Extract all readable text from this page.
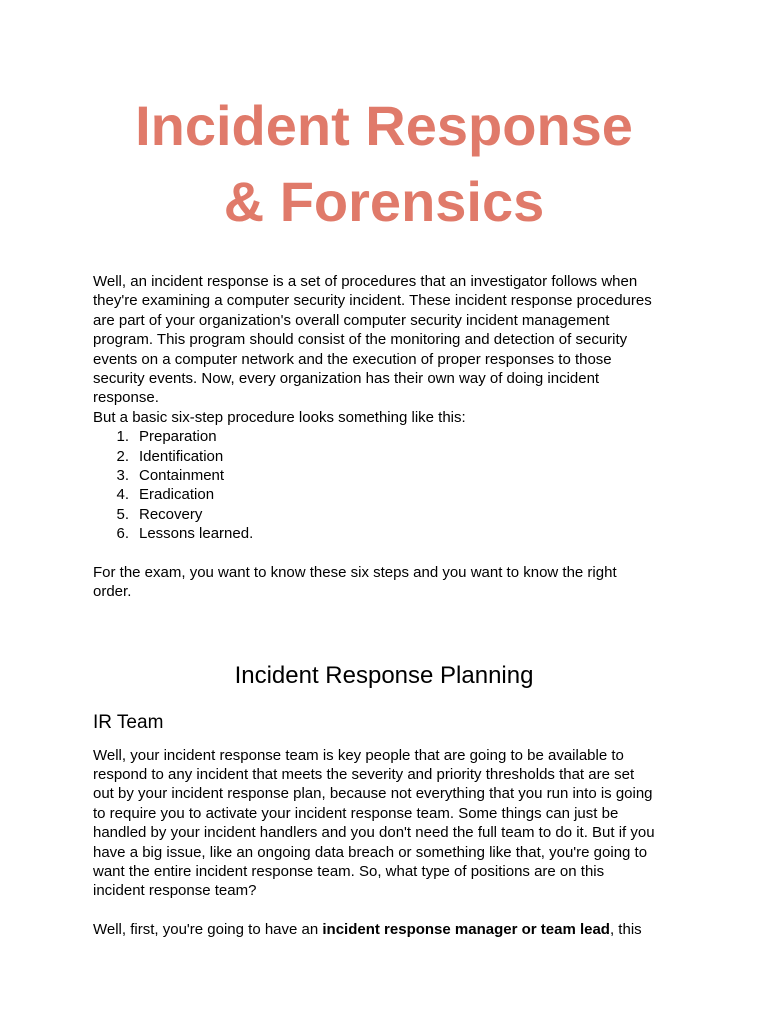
Incident Response
& Forensics
Well, an incident response is a set of procedures that an investigator follows when
they're examining a computer security incident. These incident response procedures
are part of your organization's overall computer security incident management
program. This program should consist of the monitoring and detection of security
events on a computer network and the execution of proper responses to those
security events. Now, every organization has their own way of doing incident
response.
But a basic six-step procedure looks something like this:
1. Preparation
2. Identification
3. Containment
4. Eradication
5. Recovery
6. Lessons learned.
For the exam, you want to know these six steps and you want to know the right
order.
Incident Response Planning
IR Team
Well, your incident response team is key people that are going to be available to
respond to any incident that meets the severity and priority thresholds that are set
out by your incident response plan, because not everything that you run into is going
to require you to activate your incident response team. Some things can just be
handled by your incident handlers and you don't need the full team to do it. But if you
have a big issue, like an ongoing data breach or something like that, you're going to
want the entire incident response team. So, what type of positions are on this
incident response team?
Well, first, you're going to have an incident response manager or team lead, this
